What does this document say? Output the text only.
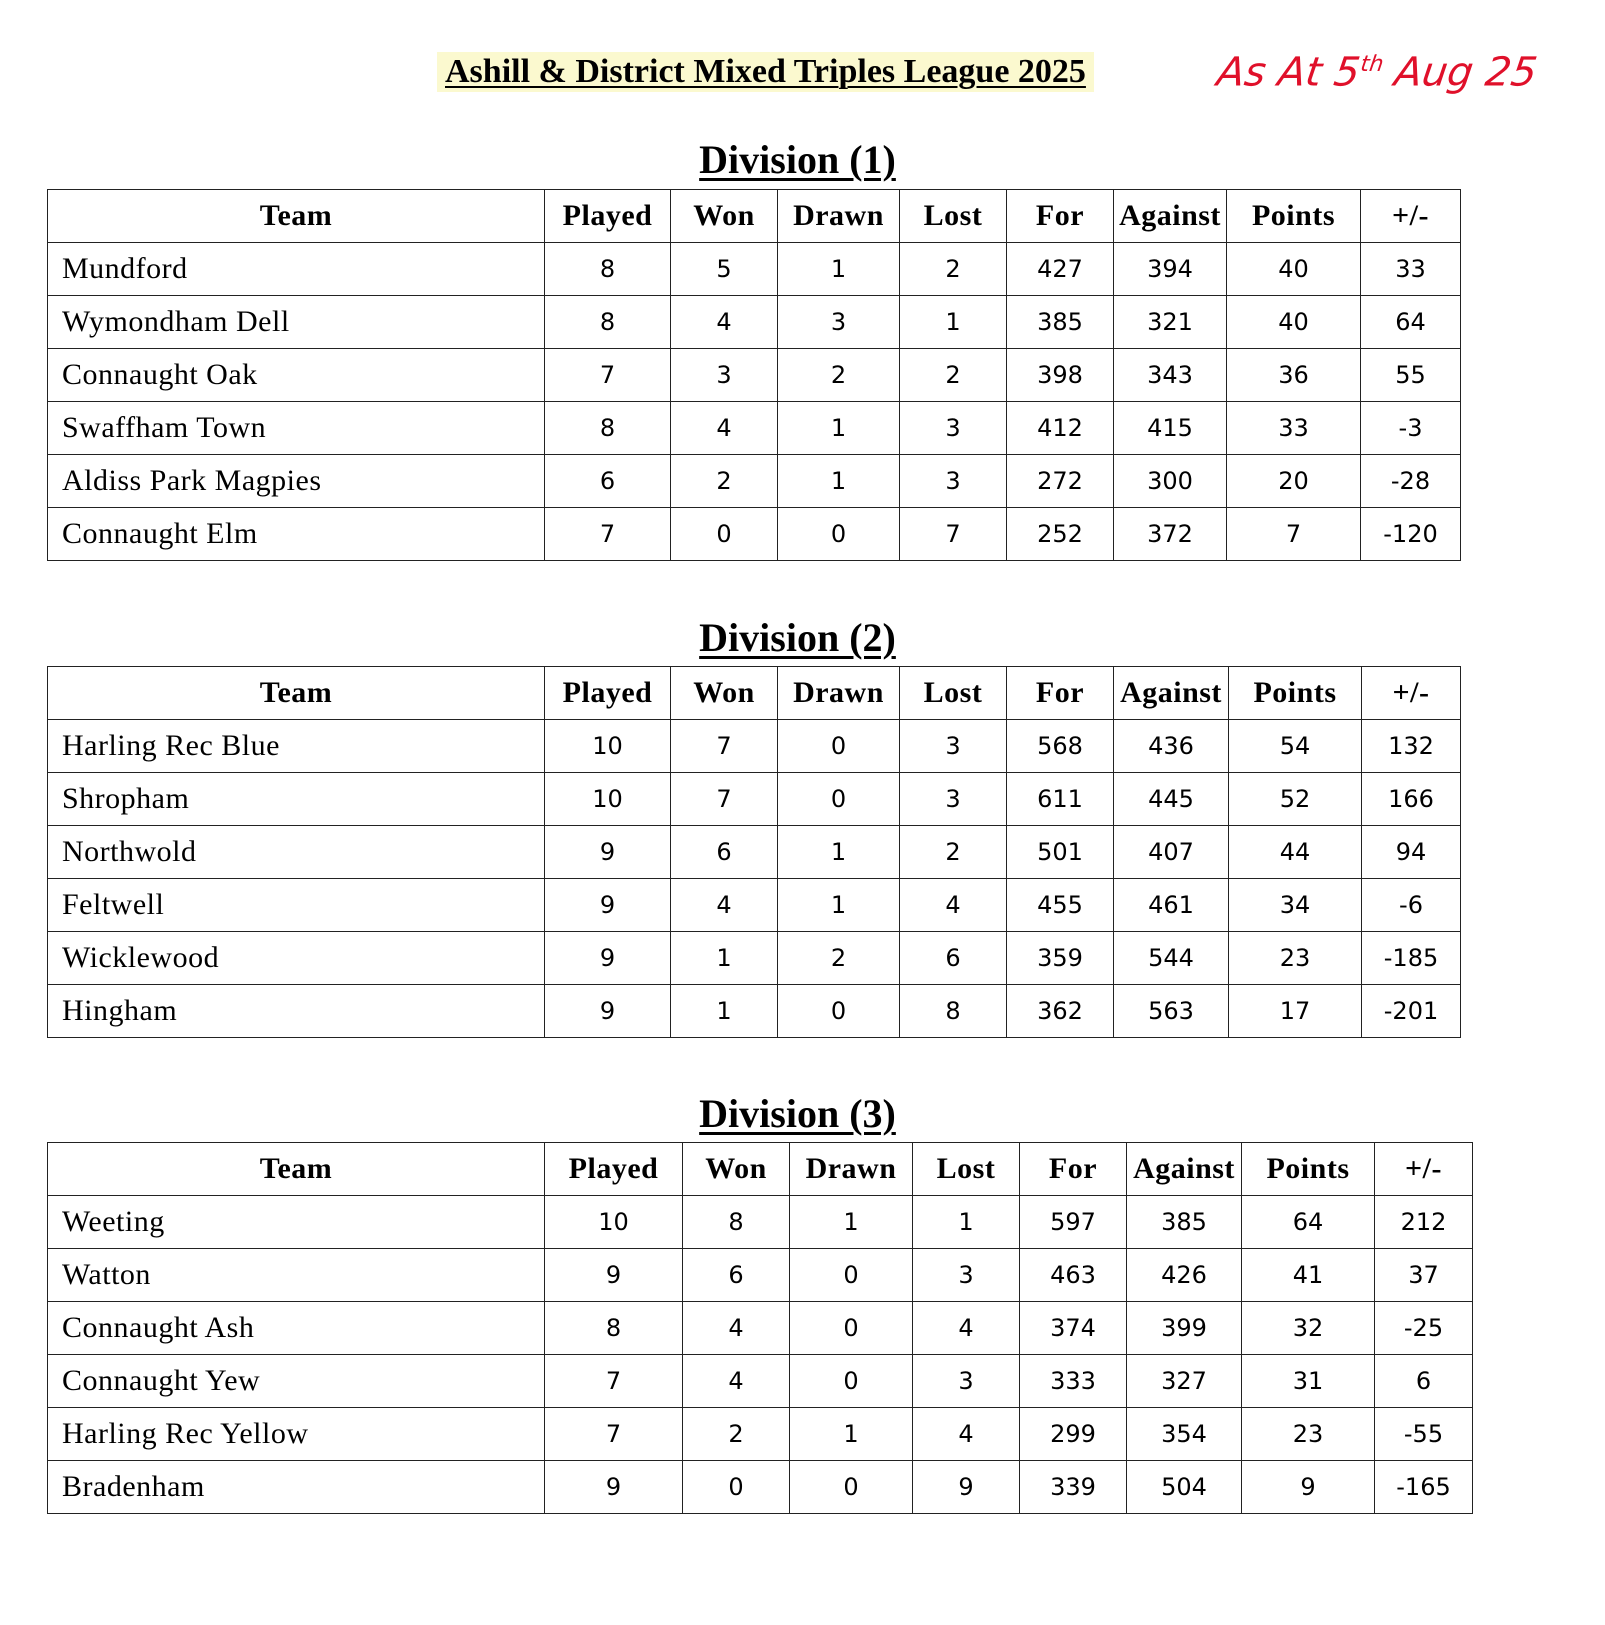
Ashill & District Mixed Triples League 2025	As At 5th Aug 25
Division (1)
Team	Played	Won	Drawn	Lost	For	Against	Points	+/-
Mundford	8	5	1	2	427	394	40	33
Wymondham Dell	8	4	3	1	385	321	40	64
Connaught Oak	7	3	2	2	398	343	36	55
Swaffham Town	8	4	1	3	412	415	33	-3
Aldiss Park Magpies	6	2	1	3	272	300	20	-28
Connaught Elm	7	0	0	7	252	372	7	-120
Division (2)
Team	Played	Won	Drawn	Lost	For	Against	Points	+/-
Harling Rec Blue	10	7	0	3	568	436	54	132
Shropham	10	7	0	3	611	445	52	166
Northwold	9	6	1	2	501	407	44	94
Feltwell	9	4	1	4	455	461	34	-6
Wicklewood	9	1	2	6	359	544	23	-185
Hingham	9	1	0	8	362	563	17	-201
Division (3)
Team	Played	Won	Drawn	Lost	For	Against	Points	+/-
Weeting	10	8	1	1	597	385	64	212
Watton	9	6	0	3	463	426	41	37
Connaught Ash	8	4	0	4	374	399	32	-25
Connaught Yew	7	4	0	3	333	327	31	6
Harling Rec Yellow	7	2	1	4	299	354	23	-55
Bradenham	9	0	0	9	339	504	9	-165
